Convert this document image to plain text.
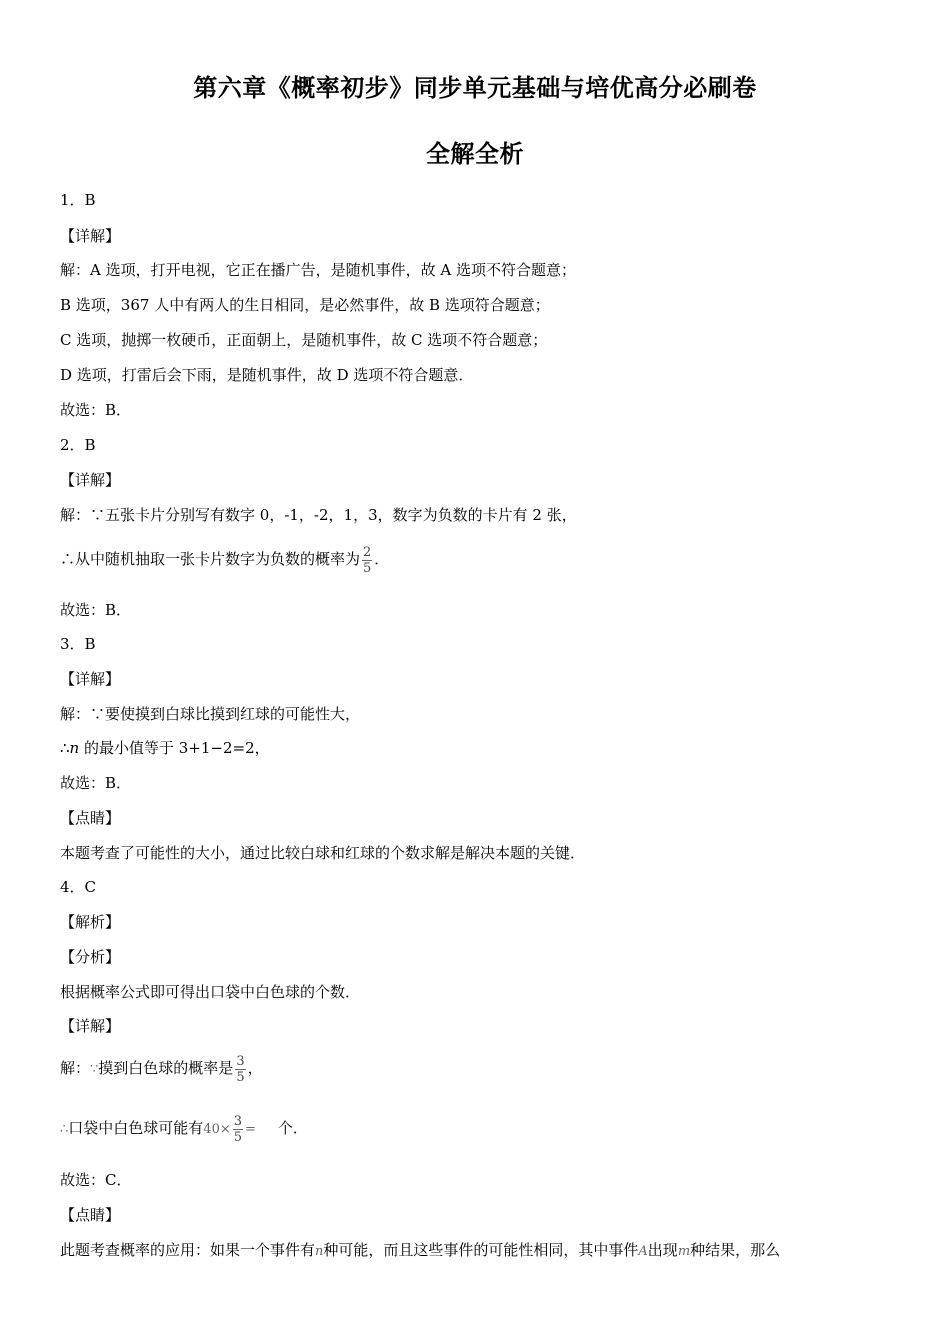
第六章《概率初步》同步单元基础与培优高分必刷卷
全解全析
1．B
【详解】
解：A 选项，打开电视，它正在播广告，是随机事件，故 A 选项不符合题意；
B 选项，367 人中有两人的生日相同，是必然事件，故 B 选项符合题意；
C 选项，抛掷一枚硬币，正面朝上，是随机事件，故 C 选项不符合题意；
D 选项，打雷后会下雨，是随机事件，故 D 选项不符合题意．
故选：B．
2．B
【详解】
解：∵五张卡片分别写有数字 0，-1，-2，1，3，数字为负数的卡片有 2 张，
∴从中随机抽取一张卡片数字为负数的概率为 $\frac{2}{5}$ ．
故选：B．
3．B
【详解】
解：∵要使摸到白球比摸到红球的可能性大，
∴n 的最小值等于 3+1−2=2，
故选：B．
【点睛】
本题考查了可能性的大小，通过比较白球和红球的个数求解是解决本题的关键．
4．C
【解析】
【分析】
根据概率公式即可得出口袋中白色球的个数．
【详解】
解：∵摸到白色球的概率是 $\frac{3}{5}$ ，
∴口袋中白色球可能有$40\times \frac{3}{5}$ = 个．
故选：C．
【点睛】
此题考查概率的应用：如果一个事件有n种可能，而且这些事件的可能性相同，其中事件A出现m种结果，那么
